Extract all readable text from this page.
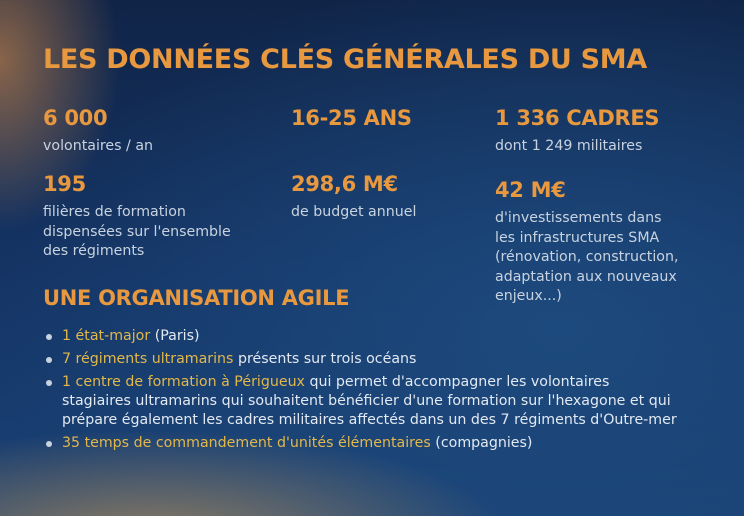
LES DONNÉES CLÉS GÉNÉRALES DU SMA
6 000
volontaires / an
16-25 ANS	1 336 CADRES
dont 1 249 militaires
195
filières de formation
dispensées sur l'ensemble
des régiments
298,6 M€
de budget annuel
42 M€
d'investissements dans
les infrastructures SMA
(rénovation, construction,
adaptation aux nouveaux
enjeux...)
UNE ORGANISATION AGILE
1 état-major (Paris)
7 régiments ultramarins présents sur trois océans
1 centre de formation à Périgueux qui permet d'accompagner les volontaires
stagiaires ultramarins qui souhaitent bénéficier d'une formation sur l'hexagone et qui
prépare également les cadres militaires affectés dans un des 7 régiments d'Outre-mer
35 temps de commandement d'unités élémentaires (compagnies)
